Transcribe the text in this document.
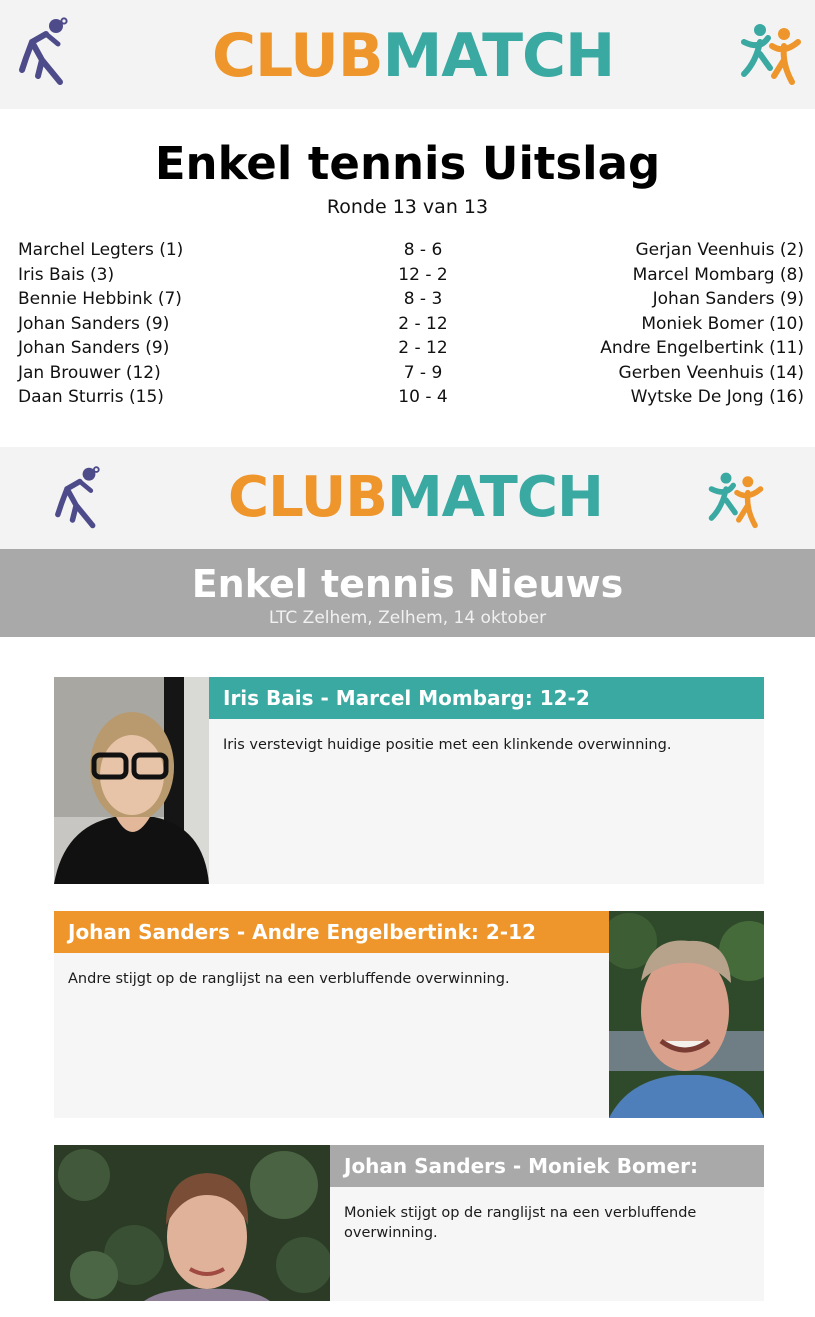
CLUBMATCH
Enkel tennis Uitslag
Ronde 13 van 13
Marchel Legters (1)	8 - 6	Gerjan Veenhuis (2)
Iris Bais (3)	12 - 2	Marcel Mombarg (8)
Bennie Hebbink (7)	8 - 3	Johan Sanders (9)
Johan Sanders (9)	2 - 12	Moniek Bomer (10)
Johan Sanders (9)	2 - 12	Andre Engelbertink (11)
Jan Brouwer (12)	7 - 9	Gerben Veenhuis (14)
Daan Sturris (15)	10 - 4	Wytske De Jong (16)
CLUBMATCH
Enkel tennis Nieuws
LTC Zelhem, Zelhem, 14 oktober
Iris Bais - Marcel Mombarg: 12-2
Iris verstevigt huidige positie met een klinkende overwinning.
Johan Sanders - Andre Engelbertink: 2-12
Andre stijgt op de ranglijst na een verbluffende overwinning.
Johan Sanders - Moniek Bomer:
Moniek stijgt op de ranglijst na een verbluffende overwinning.
